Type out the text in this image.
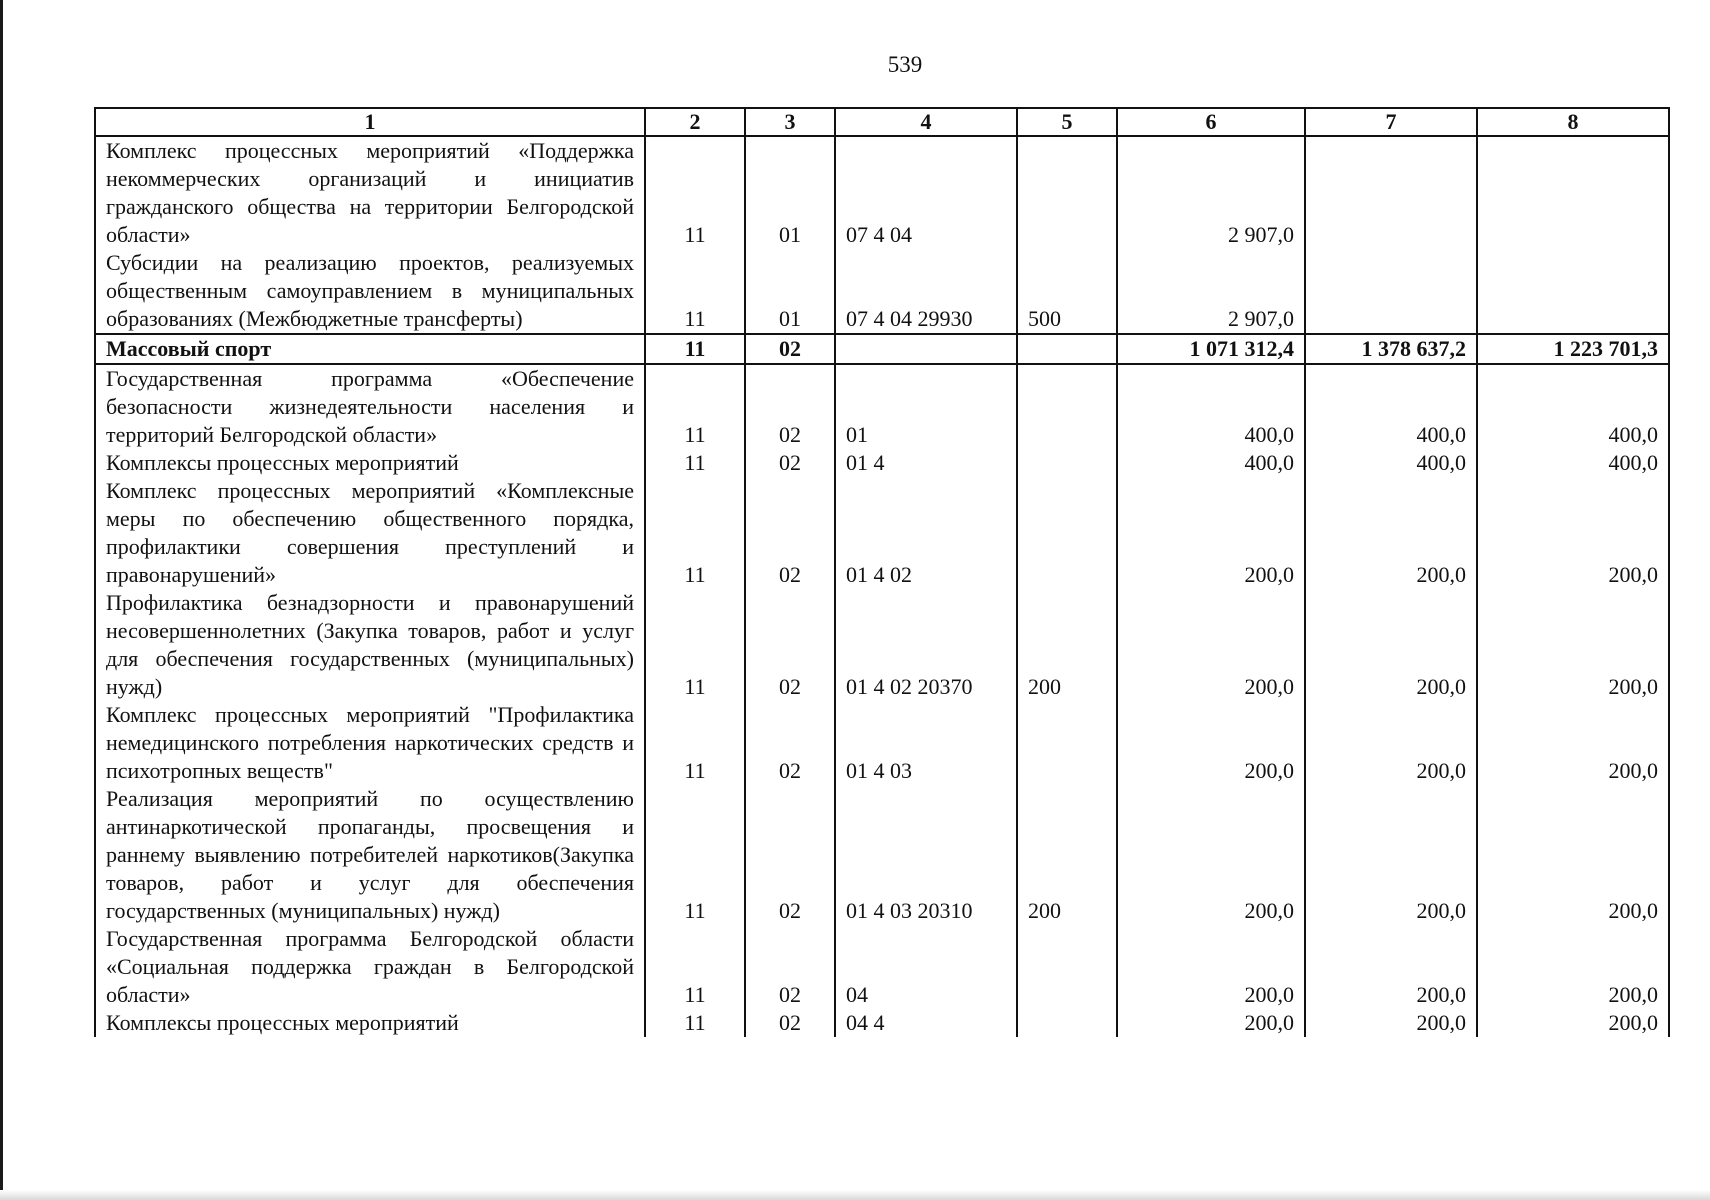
539
1	2	3	4	5	6	7	8
Комплекс процессных мероприятий «Поддержка некоммерческих организаций и инициатив гражданского общества на территории Белгородской области»	11	01	07 4 04		2 907,0		
Субсидии на реализацию проектов, реализуемых общественным самоуправлением в муниципальных образованиях (Межбюджетные трансферты)	11	01	07 4 04 29930	500	2 907,0		
Массовый спорт	11	02			1 071 312,4	1 378 637,2	1 223 701,3
Государственная программа «Обеспечение безопасности жизнедеятельности населения и территорий Белгородской области»	11	02	01		400,0	400,0	400,0
Комплексы процессных мероприятий	11	02	01 4		400,0	400,0	400,0
Комплекс процессных мероприятий «Комплексные меры по обеспечению общественного порядка, профилактики совершения преступлений и правонарушений»	11	02	01 4 02		200,0	200,0	200,0
Профилактика безнадзорности и правонарушений несовершеннолетних (Закупка товаров, работ и услуг для обеспечения государственных (муниципальных) нужд)	11	02	01 4 02 20370	200	200,0	200,0	200,0
Комплекс процессных мероприятий "Профилактика немедицинского потребления наркотических средств и психотропных веществ"	11	02	01 4 03		200,0	200,0	200,0
Реализация мероприятий по осуществлению антинаркотической пропаганды, просвещения и раннему выявлению потребителей наркотиков(Закупка товаров, работ и услуг для обеспечения государственных (муниципальных) нужд)	11	02	01 4 03 20310	200	200,0	200,0	200,0
Государственная программа Белгородской области «Социальная поддержка граждан в Белгородской области»	11	02	04		200,0	200,0	200,0
Комплексы процессных мероприятий	11	02	04 4		200,0	200,0	200,0
